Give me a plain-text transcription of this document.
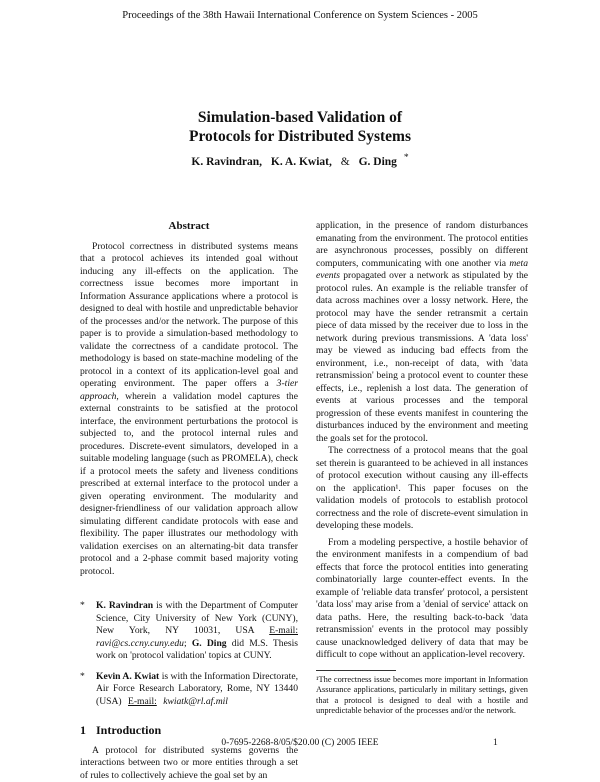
Proceedings of the 38th Hawaii International Conference on System Sciences - 2005
Simulation-based Validation of
Protocols for Distributed Systems
K. Ravindran, K. A. Kwiat, & G. Ding *
Abstract

Protocol correctness in distributed systems means that a protocol achieves its intended goal without inducing any ill-effects on the application. The correctness issue becomes more important in Information Assurance applications where a protocol is designed to deal with hostile and unpredictable behavior of the processes and/or the network. The purpose of this paper is to provide a simulation-based methodology to validate the correctness of a candidate protocol. The methodology is based on state-machine modeling of the protocol in a context of its application-level goal and operating environment. The paper offers a 3-tier approach, wherein a validation model captures the external constraints to be satisfied at the protocol interface, the environment perturbations the protocol is subjected to, and the protocol internal rules and procedures. Discrete-event simulators, developed in a suitable modeling language (such as PROMELA), check if a protocol meets the safety and liveness conditions prescribed at external interface to the protocol under a given operating environment. The modularity and designer-friendliness of our validation approach allow simulating different candidate protocols with ease and flexibility. The paper illustrates our methodology with validation exercises on an alternating-bit data transfer protocol and a 2-phase commit based majority voting protocol.

*	K. Ravindran is with the Department of Computer Science, City University of New York (CUNY), New York, NY 10031, USA E-mail: ravi@cs.ccny.cuny.edu; G. Ding did M.S. Thesis work on 'protocol validation' topics at CUNY.
*	Kevin A. Kwiat is with the Information Directorate, Air Force Research Laboratory, Rome, NY 13440 (USA) E-mail: kwiatk@rl.af.mil
1 Introduction

A protocol for distributed systems governs the interactions between two or more entities through a set of rules to collectively achieve the goal set by an

application, in the presence of random disturbances emanating from the environment. The protocol entities are asynchronous processes, possibly on different computers, communicating with one another via meta events propagated over a network as stipulated by the protocol rules. An example is the reliable transfer of data across machines over a lossy network. Here, the protocol may have the sender retransmit a certain piece of data missed by the receiver due to loss in the network during previous transmissions. A 'data loss' may be viewed as inducing bad effects from the environment, i.e., non-receipt of data, with 'data retransmission' being a protocol event to counter these effects, i.e., replenish a lost data. The generation of events at various processes and the temporal progression of these events manifest in countering the disturbances induced by the environment and meeting the goals set for the protocol.

The correctness of a protocol means that the goal set therein is guaranteed to be achieved in all instances of protocol execution without causing any ill-effects on the application¹. This paper focuses on the validation models of protocols to establish protocol correctness and the role of discrete-event simulation in developing these models.

From a modeling perspective, a hostile behavior of the environment manifests in a compendium of bad effects that force the protocol entities into generating combinatorially large counter-effect events. In the example of 'reliable data transfer' protocol, a persistent 'data loss' may arise from a 'denial of service' attack on data paths. Here, the resulting back-to-back 'data retransmission' events in the protocol may possibly cause unacknowledged delivery of data that may be difficult to cope without an application-level recovery.

¹The correctness issue becomes more important in Information Assurance applications, particularly in military settings, given that a protocol is designed to deal with a hostile and unpredictable behavior of the processes and/or the network.
0-7695-2268-8/05/$20.00 (C) 2005 IEEE	1
